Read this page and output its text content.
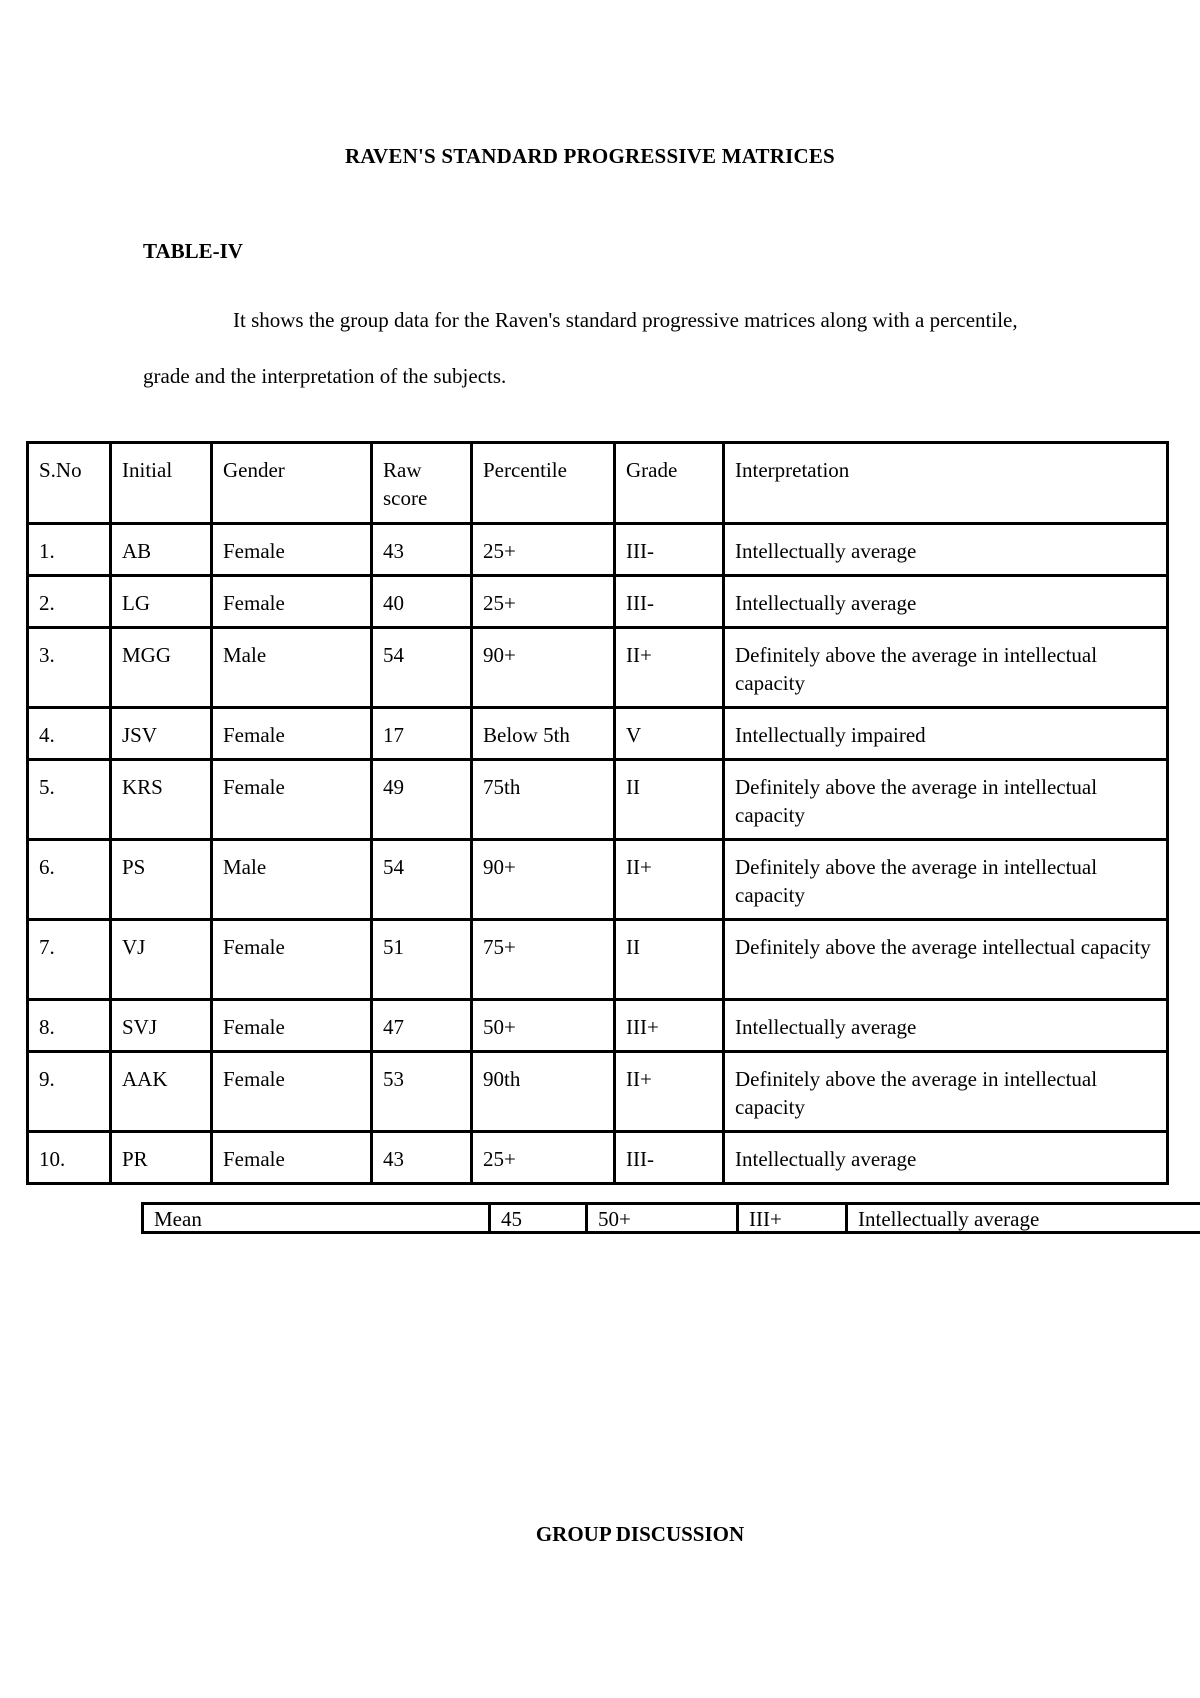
RAVEN'S STANDARD PROGRESSIVE MATRICES
TABLE-IV
It shows the group data for the Raven's standard progressive matrices along with a percentile, grade and the interpretation of the subjects.
S.No	Initial	Gender	Raw score	Percentile	Grade	Interpretation
1.	AB	Female	43	25+	III-	Intellectually average
2.	LG	Female	40	25+	III-	Intellectually average
3.	MGG	Male	54	90+	II+	Definitely above the average in intellectual capacity
4.	JSV	Female	17	Below 5th	V	Intellectually impaired
5.	KRS	Female	49	75th	II	Definitely above the average in intellectual capacity
6.	PS	Male	54	90+	II+	Definitely above the average in intellectual capacity
7.	VJ	Female	51	75+	II	Definitely above the average intellectual capacity
8.	SVJ	Female	47	50+	III+	Intellectually average
9.	AAK	Female	53	90th	II+	Definitely above the average in intellectual capacity
10.	PR	Female	43	25+	III-	Intellectually average
Mean	45	50+	III+	Intellectually average
GROUP DISCUSSION
